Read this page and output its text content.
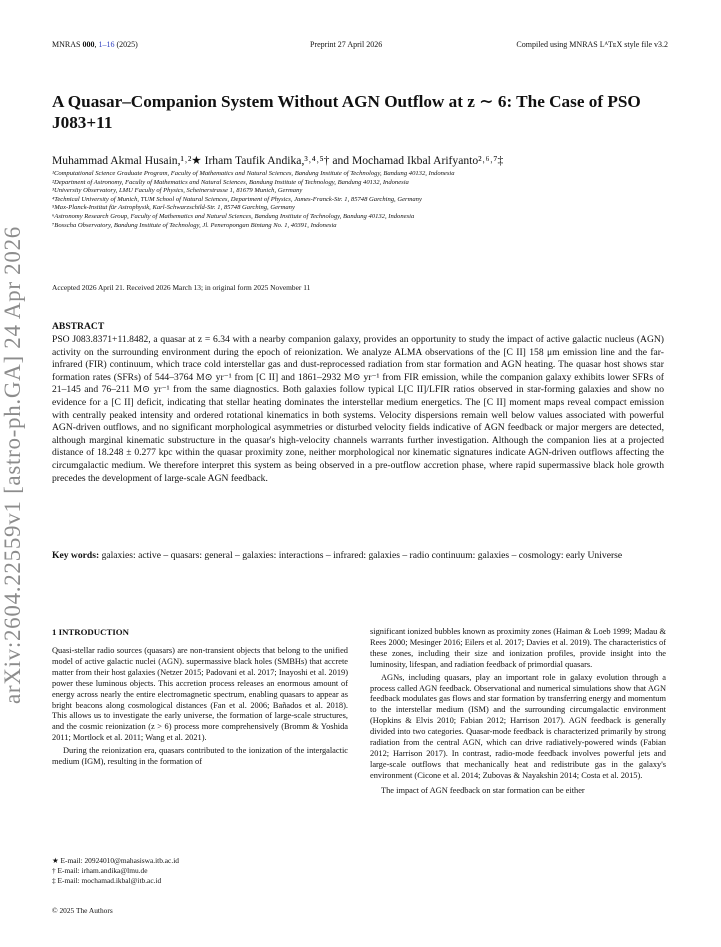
MNRAS 000, 1–16 (2025)	Preprint 27 April 2026	Compiled using MNRAS LᴬTᴇX style file v3.2
arXiv:2604.22559v1 [astro-ph.GA] 24 Apr 2026
A Quasar–Companion System Without AGN Outflow at z ∼ 6: The Case of PSO J083+11
Muhammad Akmal Husain,¹˒²★ Irham Taufik Andika,³˒⁴˒⁵† and Mochamad Ikbal Arifyanto²˒⁶˒⁷‡
¹Computational Science Graduate Program, Faculty of Mathematics and Natural Sciences, Bandung Institute of Technology, Bandung 40132, Indonesia
²Department of Astronomy, Faculty of Mathematics and Natural Sciences, Bandung Institute of Technology, Bandung 40132, Indonesia
³University Observatory, LMU Faculty of Physics, Scheinerstrasse 1, 81679 Munich, Germany
⁴Technical University of Munich, TUM School of Natural Sciences, Department of Physics, James-Franck-Str. 1, 85748 Garching, Germany
⁵Max-Planck-Institut für Astrophysik, Karl-Schwarzschild-Str. 1, 85748 Garching, Germany
⁶Astronomy Research Group, Faculty of Mathematics and Natural Sciences, Bandung Institute of Technology, Bandung 40132, Indonesia
⁷Bosscha Observatory, Bandung Institute of Technology, Jl. Peneropongan Bintang No. 1, 40391, Indonesia
Accepted 2026 April 21. Received 2026 March 13; in original form 2025 November 11
ABSTRACT
PSO J083.8371+11.8482, a quasar at z = 6.34 with a nearby companion galaxy, provides an opportunity to study the impact of active galactic nucleus (AGN) activity on the surrounding environment during the epoch of reionization. We analyze ALMA observations of the [C II] 158 μm emission line and the far-infrared (FIR) continuum, which trace cold interstellar gas and dust-reprocessed radiation from star formation and AGN heating. The quasar host shows star formation rates (SFRs) of 544–3764 M⊙ yr⁻¹ from [C II] and 1861–2932 M⊙ yr⁻¹ from FIR emission, while the companion galaxy exhibits lower SFRs of 21–145 and 76–211 M⊙ yr⁻¹ from the same diagnostics. Both galaxies follow typical L[C II]/LFIR ratios observed in star-forming galaxies and show no evidence for a [C II] deficit, indicating that stellar heating dominates the interstellar medium energetics. The [C II] moment maps reveal compact emission with centrally peaked intensity and ordered rotational kinematics in both systems. Velocity dispersions remain well below values associated with powerful AGN-driven outflows, and no significant morphological asymmetries or disturbed velocity fields indicative of AGN feedback or major mergers are detected, although marginal kinematic substructure in the quasar's high-velocity channels warrants further investigation. Although the companion lies at a projected distance of 18.248 ± 0.277 kpc within the quasar proximity zone, neither morphological nor kinematic signatures indicate AGN-driven outflows affecting the circumgalactic medium. We therefore interpret this system as being observed in a pre-outflow accretion phase, where rapid supermassive black hole growth precedes the development of large-scale AGN feedback.
Key words: galaxies: active – quasars: general – galaxies: interactions – infrared: galaxies – radio continuum: galaxies – cosmology: early Universe
1 INTRODUCTION

Quasi-stellar radio sources (quasars) are non-transient objects that belong to the unified model of active galactic nuclei (AGN). supermassive black holes (SMBHs) that accrete matter from their host galaxies (Netzer 2015; Padovani et al. 2017; Inayoshi et al. 2019) power these luminous objects. This accretion process releases an enormous amount of energy across nearly the entire electromagnetic spectrum, enabling quasars to appear as bright beacons along cosmological distances (Fan et al. 2006; Bañados et al. 2018). This allows us to investigate the early universe, the formation of large-scale structures, and the cosmic reionization (z > 6) process more comprehensively (Bromm & Yoshida 2011; Mortlock et al. 2011; Wang et al. 2021).

During the reionization era, quasars contributed to the ionization of the intergalactic medium (IGM), resulting in the formation of

significant ionized bubbles known as proximity zones (Haiman & Loeb 1999; Madau & Rees 2000; Mesinger 2016; Eilers et al. 2017; Davies et al. 2019). The characteristics of these zones, including their size and ionization profiles, provide insight into the luminosity, lifespan, and radiation feedback of primordial quasars.

AGNs, including quasars, play an important role in galaxy evolution through a process called AGN feedback. Observational and numerical simulations show that AGN feedback modulates gas flows and star formation by transferring energy and momentum to the interstellar medium (ISM) and the surrounding circumgalactic environment (Hopkins & Elvis 2010; Fabian 2012; Harrison 2017). AGN feedback is generally divided into two categories. Quasar-mode feedback is characterized primarily by strong radiation from the central AGN, which can drive radiatively-powered winds (Fabian 2012; Harrison 2017). In contrast, radio-mode feedback involves powerful jets and large-scale outflows that mechanically heat and redistribute gas in the galaxy's environment (Cicone et al. 2014; Zubovas & Nayakshin 2014; Costa et al. 2015).

The impact of AGN feedback on star formation can be either

★ E-mail: 20924010@mahasiswa.itb.ac.id
† E-mail: irham.andika@lmu.de
‡ E-mail: mochamad.ikbal@itb.ac.id
© 2025 The Authors
